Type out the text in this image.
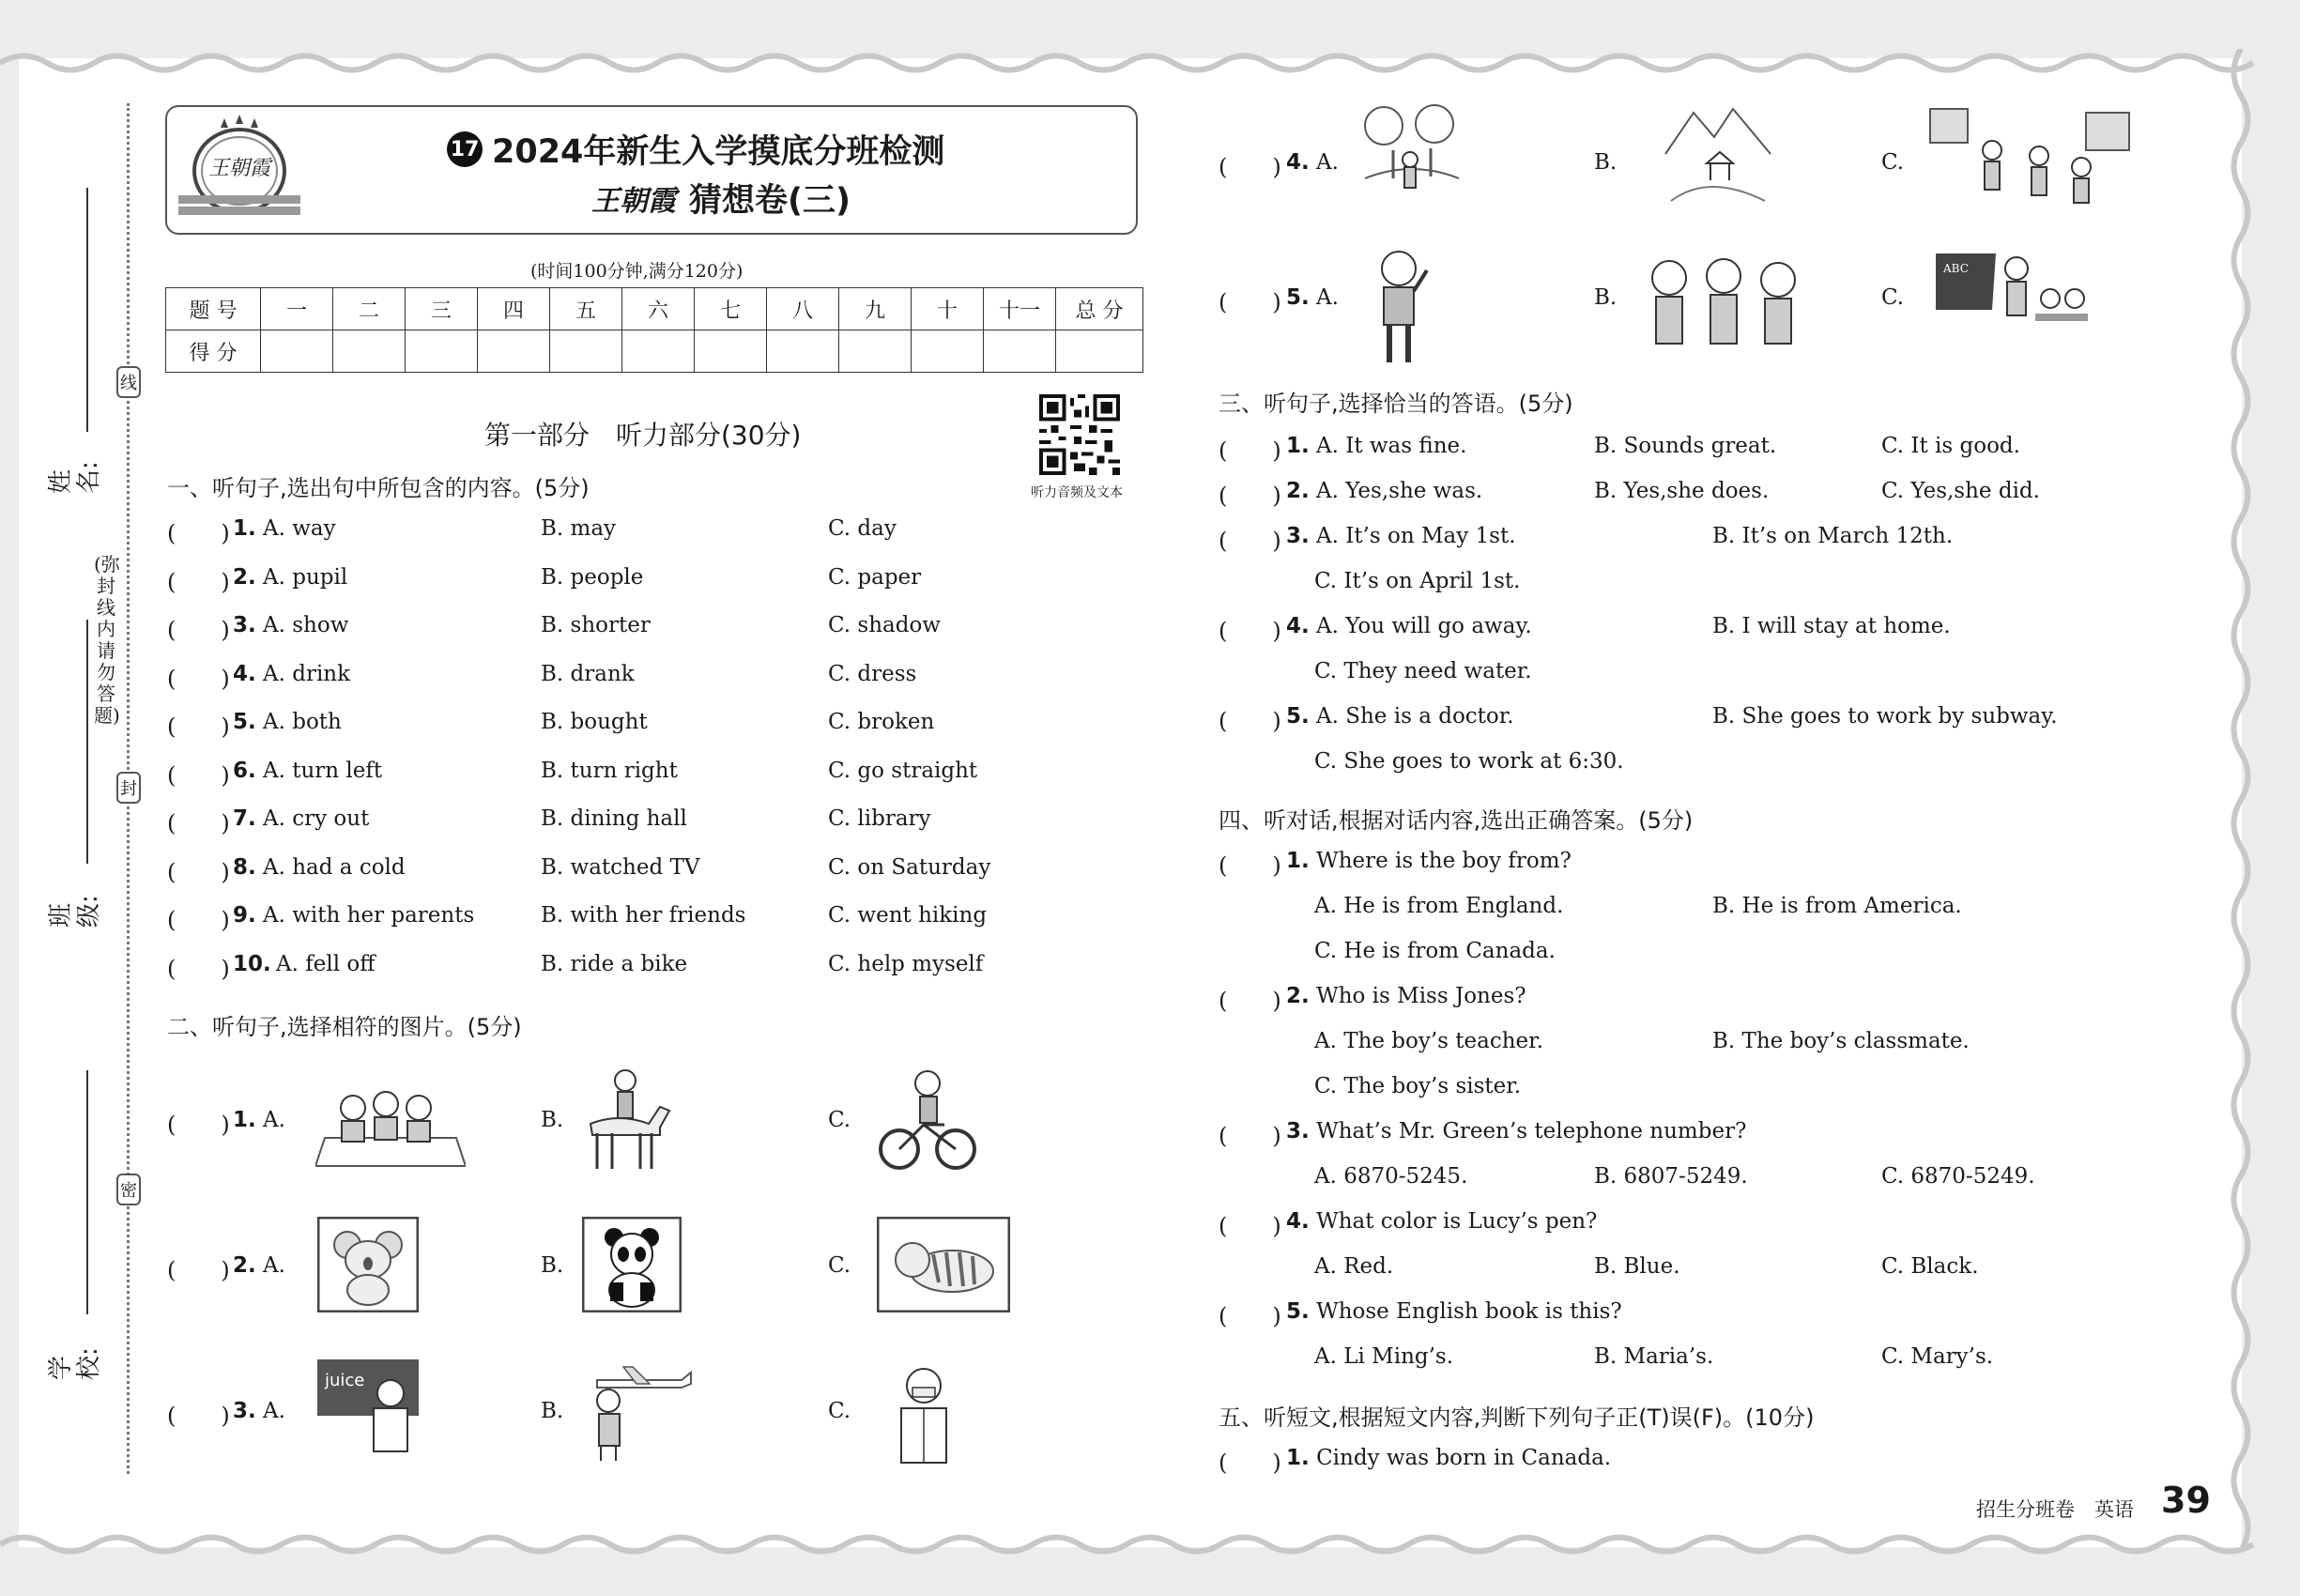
线
封
密
(弥封线内请勿答题)
姓名:
班级:
学校:
王朝霞
17 2024年新生入学摸底分班检测
王朝霞 猜想卷(三)
(时间100分钟,满分120分)
题 号	一	二	三	四	五	六	七	八	九	十	十一	总 分
得 分												
第一部分　听力部分(30分)
听力音频及文本
一、听句子,选出句中所包含的内容。(5分)
(　　) 1. A. way	B. may	C. day
(　　) 2. A. pupil	B. people	C. paper
(　　) 3. A. show	B. shorter	C. shadow
(　　) 4. A. drink	B. drank	C. dress
(　　) 5. A. both	B. bought	C. broken
(　　) 6. A. turn left	B. turn right	C. go straight
(　　) 7. A. cry out	B. dining hall	C. library
(　　) 8. A. had a cold	B. watched TV	C. on Saturday
(　　) 9. A. with her parents	B. with her friends	C. went hiking
(　　) 10. A. fell off	B. ride a bike	C. help myself
二、听句子,选择相符的图片。(5分)
(　　) 1. A.	B.	C.
(　　) 2. A.	B.	C.
(　　) 3. A.
juice
B.	C.
(　　) 4. A.	B.	C.
(　　) 5. A.	B.	C.
ABC
三、听句子,选择恰当的答语。(5分)
(　　) 1. A. It was fine.	B. Sounds great.	C. It is good.
(　　) 2. A. Yes,she was.	B. Yes,she does.	C. Yes,she did.
(　　) 3. A. It’s on May 1st.	B. It’s on March 12th.
C. It’s on April 1st.
(　　) 4. A. You will go away.	B. I will stay at home.
C. They need water.
(　　) 5. A. She is a doctor.	B. She goes to work by subway.
C. She goes to work at 6:30.
四、听对话,根据对话内容,选出正确答案。(5分)
(　　) 1. Where is the boy from?
A. He is from England.	B. He is from America.
C. He is from Canada.
(　　) 2. Who is Miss Jones?
A. The boy’s teacher.	B. The boy’s classmate.
C. The boy’s sister.
(　　) 3. What’s Mr. Green’s telephone number?
A. 6870-5245.	B. 6807-5249.	C. 6870-5249.
(　　) 4. What color is Lucy’s pen?
A. Red.	B. Blue.	C. Black.
(　　) 5. Whose English book is this?
A. Li Ming’s.	B. Maria’s.	C. Mary’s.
五、听短文,根据短文内容,判断下列句子正(T)误(F)。(10分)
(　　) 1. Cindy was born in Canada.
招生分班卷　英语 39
